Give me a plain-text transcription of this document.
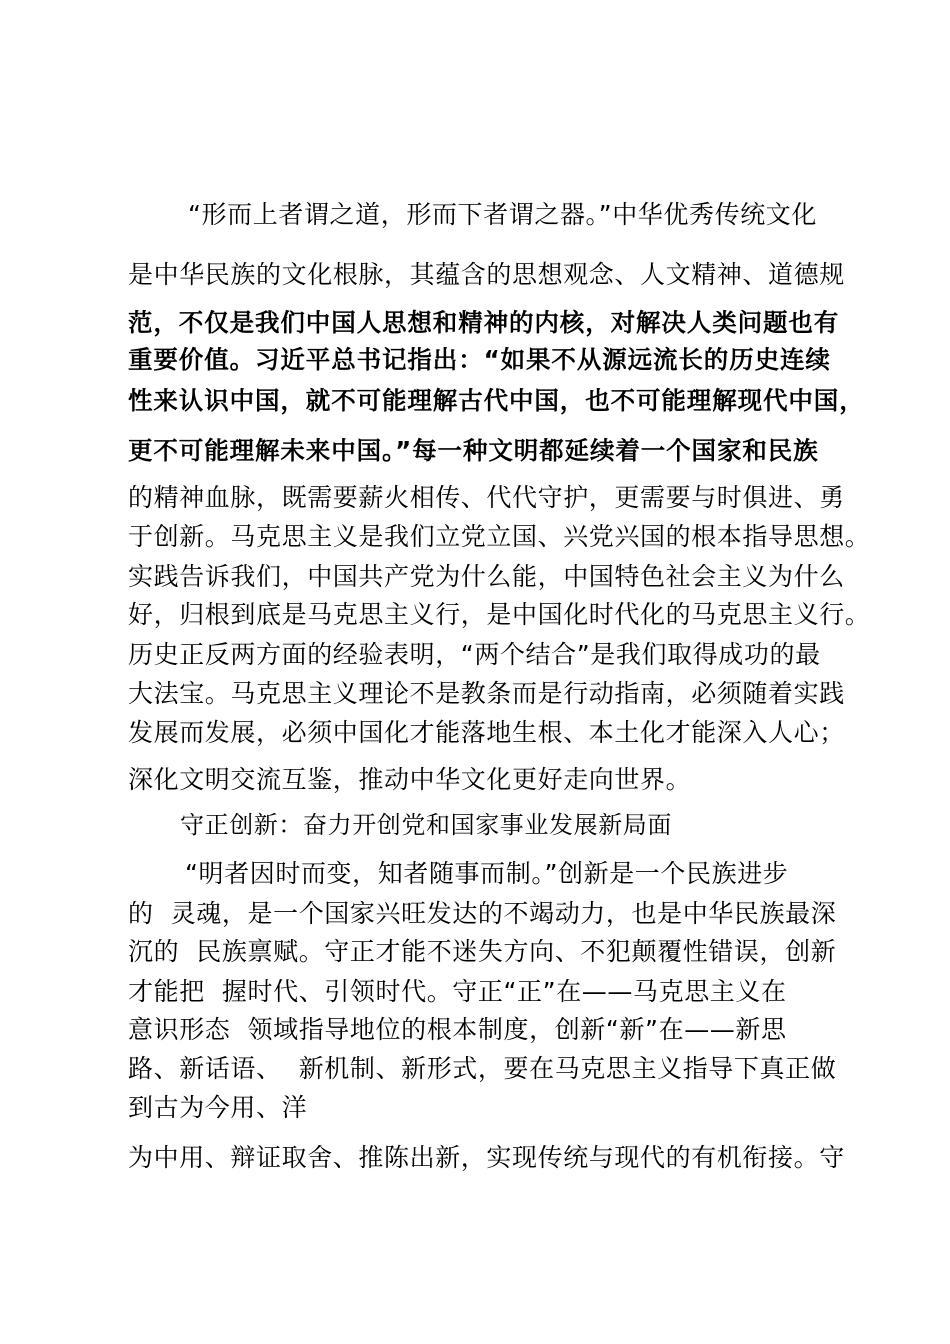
“形而上者谓之道，形而下者谓之器。”中华优秀传统文化
是中华民族的文化根脉，其蕴含的思想观念、人文精神、道德规
范，不仅是我们中国人思想和精神的内核，对解决人类问题也有
重要价值。习近平总书记指出：“如果不从源远流长的历史连续
性来认识中国，就不可能理解古代中国，也不可能理解现代中国，
更不可能理解未来中国。”每一种文明都延续着一个国家和民族
的精神血脉，既需要薪火相传、代代守护，更需要与时俱进、勇
于创新。马克思主义是我们立党立国、兴党兴国的根本指导思想。
实践告诉我们，中国共产党为什么能，中国特色社会主义为什么
好，归根到底是马克思主义行，是中国化时代化的马克思主义行。
历史正反两方面的经验表明，“两个结合”是我们取得成功的最
大法宝。马克思主义理论不是教条而是行动指南，必须随着实践
发展而发展，必须中国化才能落地生根、本土化才能深入人心；
深化文明交流互鉴，推动中华文化更好走向世界。
守正创新：奋力开创党和国家事业发展新局面
“明者因时而变，知者随事而制。”创新是一个民族进步
的  灵魂，是一个国家兴旺发达的不竭动力，也是中华民族最深
沉的  民族禀赋。守正才能不迷失方向、不犯颠覆性错误，创新
才能把  握时代、引领时代。守正“正”在——马克思主义在
意识形态  领域指导地位的根本制度，创新“新”在——新思
路、新话语、  新机制、新形式，要在马克思主义指导下真正做
到古为今用、洋
为中用、辩证取舍、推陈出新，实现传统与现代的有机衔接。守
